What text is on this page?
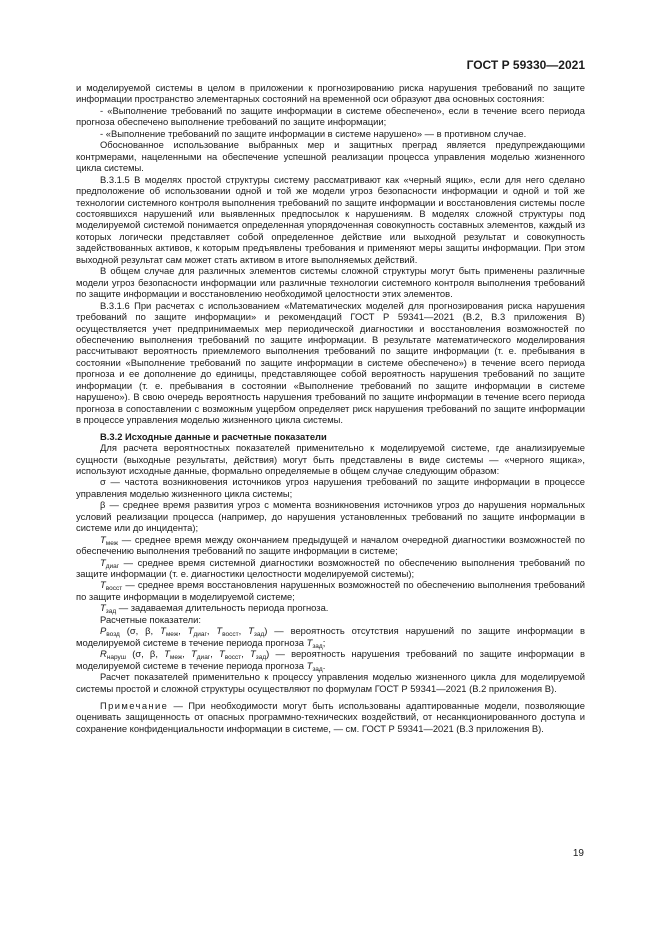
ГОСТ Р 59330—2021

и моделируемой системы в целом в приложении к прогнозированию риска нарушения требований по защите информации пространство элементарных состояний на временной оси образуют два основных состояния:

- «Выполнение требований по защите информации в системе обеспечено», если в течение всего периода прогноза обеспечено выполнение требований по защите информации;

- «Выполнение требований по защите информации в системе нарушено» — в противном случае.

Обоснованное использование выбранных мер и защитных преград является предупреждающими контрмерами, нацеленными на обеспечение успешной реализации процесса управления моделью жизненного цикла системы.

В.3.1.5 В моделях простой структуры систему рассматривают как «черный ящик», если для него сделано предположение об использовании одной и той же модели угроз безопасности информации и одной и той же технологии системного контроля выполнения требований по защите информации и восстановления системы после состоявшихся нарушений или выявленных предпосылок к нарушениям. В моделях сложной структуры под моделируемой системой понимается определенная упорядоченная совокупность составных элементов, каждый из которых логически представляет собой определенное действие или выходной результат и совокупность задействованных активов, к которым предъявлены требования и применяют меры защиты информации. При этом выходной результат сам может стать активом в итоге выполняемых действий.

В общем случае для различных элементов системы сложной структуры могут быть применены различные модели угроз безопасности информации или различные технологии системного контроля выполнения требований по защите информации и восстановлению необходимой целостности этих элементов.

В.3.1.6 При расчетах с использованием «Математических моделей для прогнозирования риска нарушения требований по защите информации» и рекомендаций ГОСТ Р 59341—2021 (В.2, В.3 приложения В) осуществляется учет предпринимаемых мер периодической диагностики и восстановления возможностей по обеспечению выполнения требований по защите информации. В результате математического моделирования рассчитывают вероятность приемлемого выполнения требований по защите информации (т. е. пребывания в состоянии «Выполнение требований по защите информации в системе обеспечено») в течение всего периода прогноза и ее дополнение до единицы, представляющее собой вероятность нарушения требований по защите информации (т. е. пребывания в состоянии «Выполнение требований по защите информации в системе нарушено»). В свою очередь вероятность нарушения требований по защите информации в течение всего периода прогноза в сопоставлении с возможным ущербом определяет риск нарушения требований по защите информации в процессе управления моделью жизненного цикла системы.

В.3.2 Исходные данные и расчетные показатели

Для расчета вероятностных показателей применительно к моделируемой системе, где анализируемые сущности (выходные результаты, действия) могут быть представлены в виде системы — «черного ящика», используют исходные данные, формально определяемые в общем случае следующим образом:

σ — частота возникновения источников угроз нарушения требований по защите информации в процессе управления моделью жизненного цикла системы;

β — среднее время развития угроз с момента возникновения источников угроз до нарушения нормальных условий реализации процесса (например, до нарушения установленных требований по защите информации в системе или до инцидента);

$T_{меж}$ — среднее время между окончанием предыдущей и началом очередной диагностики возможностей по обеспечению выполнения требований по защите информации в системе;

$T_{диаг}$ — среднее время системной диагностики возможностей по обеспечению выполнения требований по защите информации (т. е. диагностики целостности моделируемой системы);

$T_{восст}$ — среднее время восстановления нарушенных возможностей по обеспечению выполнения требований по защите информации в моделируемой системе;

$T_{зад}$ — задаваемая длительность периода прогноза.

Расчетные показатели:

$P_{возд}$ (σ, β, $T_{меж}$, $T_{диаг}$, $T_{восст}$, $T_{зад}$) — вероятность отсутствия нарушений по защите информации в моделируемой системе в течение периода прогноза $T_{зад}$;

$R_{наруш}$ (σ, β, $T_{меж}$, $T_{диаг}$, $T_{восст}$, $T_{зад}$) — вероятность нарушения требований по защите информации в моделируемой системе в течение периода прогноза $T_{зад}$.

Расчет показателей применительно к процессу управления моделью жизненного цикла для моделируемой системы простой и сложной структуры осуществляют по формулам ГОСТ Р 59341—2021 (В.2 приложения В).

Примечание — При необходимости могут быть использованы адаптированные модели, позволяющие оценивать защищенность от опасных программно-технических воздействий, от несанкционированного доступа и сохранение конфиденциальности информации в системе, — см. ГОСТ Р 59341—2021 (В.3 приложения В).

19
